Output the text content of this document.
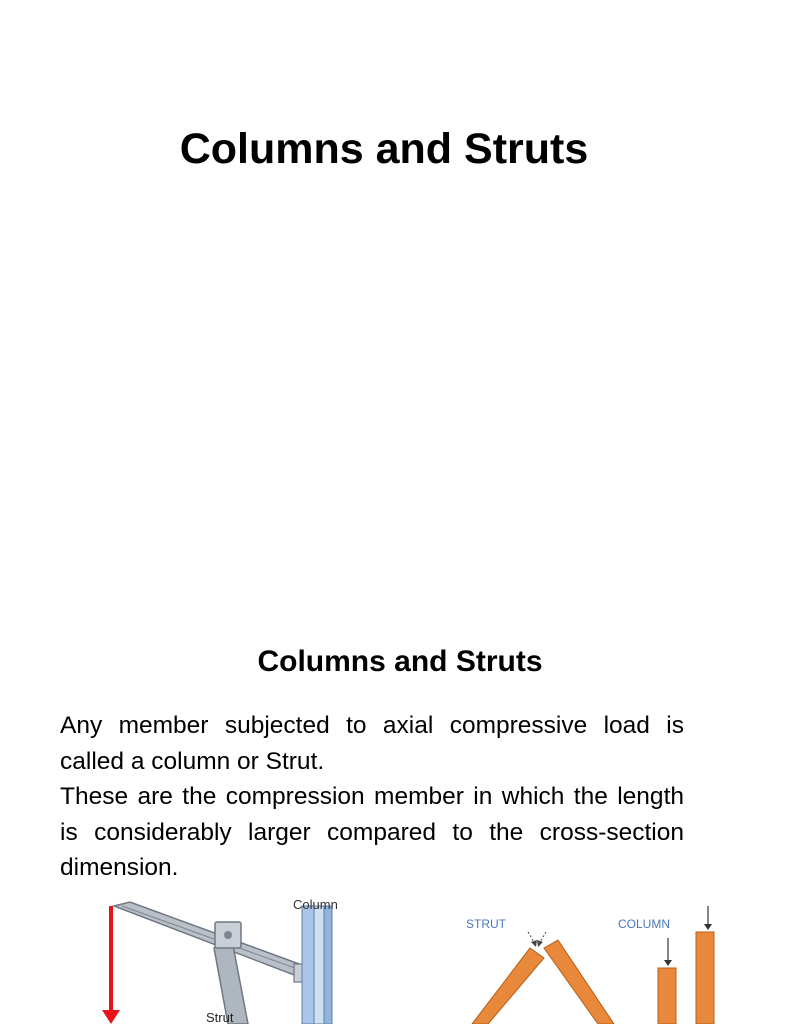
Columns and Struts
Columns and Struts

Any member subjected to axial compressive load is called a column or Strut.

These are the compression member in which the length is considerably larger compared to the cross-section dimension.

Column
Strut
STRUT	COLUMN
